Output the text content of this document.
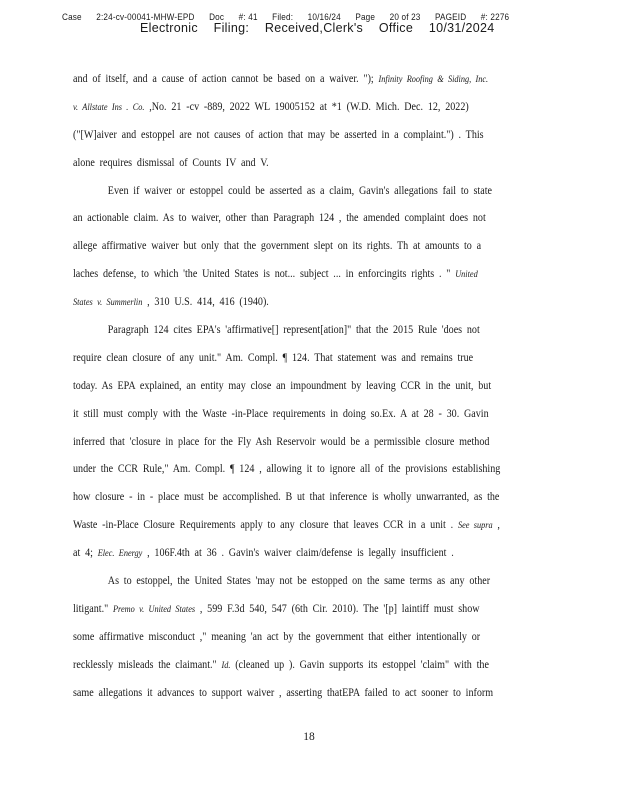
Case 2:24-cv-00041-MHW-EPD Doc #: 41 Filed: 10/16/24 Page 20 of 23 PAGEID #: 2276
Electronic Filing: Received,Clerk's Office 10/31/2024
and of itself, and a cause of action cannot be based on a waiver. "); Infinity Roofing & Siding, Inc.
v. Allstate Ins . Co. ,No. 21 -cv -889, 2022 WL 19005152 at *1 (W.D. Mich. Dec. 12, 2022)
("[W]aiver and estoppel are not causes of action that may be asserted in a complaint.") . This
alone requires dismissal of Counts IV and V.
Even if waiver or estoppel could be asserted as a claim, Gavin's allegations fail to state
an actionable claim. As to waiver, other than Paragraph 124 , the amended complaint does not
allege affirmative waiver but only that the government slept on its rights. Th at amounts to a
laches defense, to which 'the United States is not... subject ... in enforcingits rights . " United
States v. Summerlin , 310 U.S. 414, 416 (1940).
Paragraph 124 cites EPA's 'affirmative[] represent[ation]" that the 2015 Rule 'does not
require clean closure of any unit." Am. Compl. ¶ 124. That statement was and remains true
today. As EPA explained, an entity may close an impoundment by leaving CCR in the unit, but
it still must comply with the Waste -in-Place requirements in doing so.Ex. A at 28 - 30. Gavin
inferred that 'closure in place for the Fly Ash Reservoir would be a permissible closure method
under the CCR Rule," Am. Compl. ¶ 124 , allowing it to ignore all of the provisions establishing
how closure - in - place must be accomplished. B ut that inference is wholly unwarranted, as the
Waste -in-Place Closure Requirements apply to any closure that leaves CCR in a unit . See supra ,
at 4; Elec. Energy , 106F.4th at 36 . Gavin's waiver claim/defense is legally insufficient .
As to estoppel, the United States 'may not be estopped on the same terms as any other
litigant." Premo v. United States , 599 F.3d 540, 547 (6th Cir. 2010). The '[p] laintiff must show
some affirmative misconduct ," meaning 'an act by the government that either intentionally or
recklessly misleads the claimant." Id. (cleaned up ). Gavin supports its estoppel 'claim" with the
same allegations it advances to support waiver , asserting thatEPA failed to act sooner to inform
18
